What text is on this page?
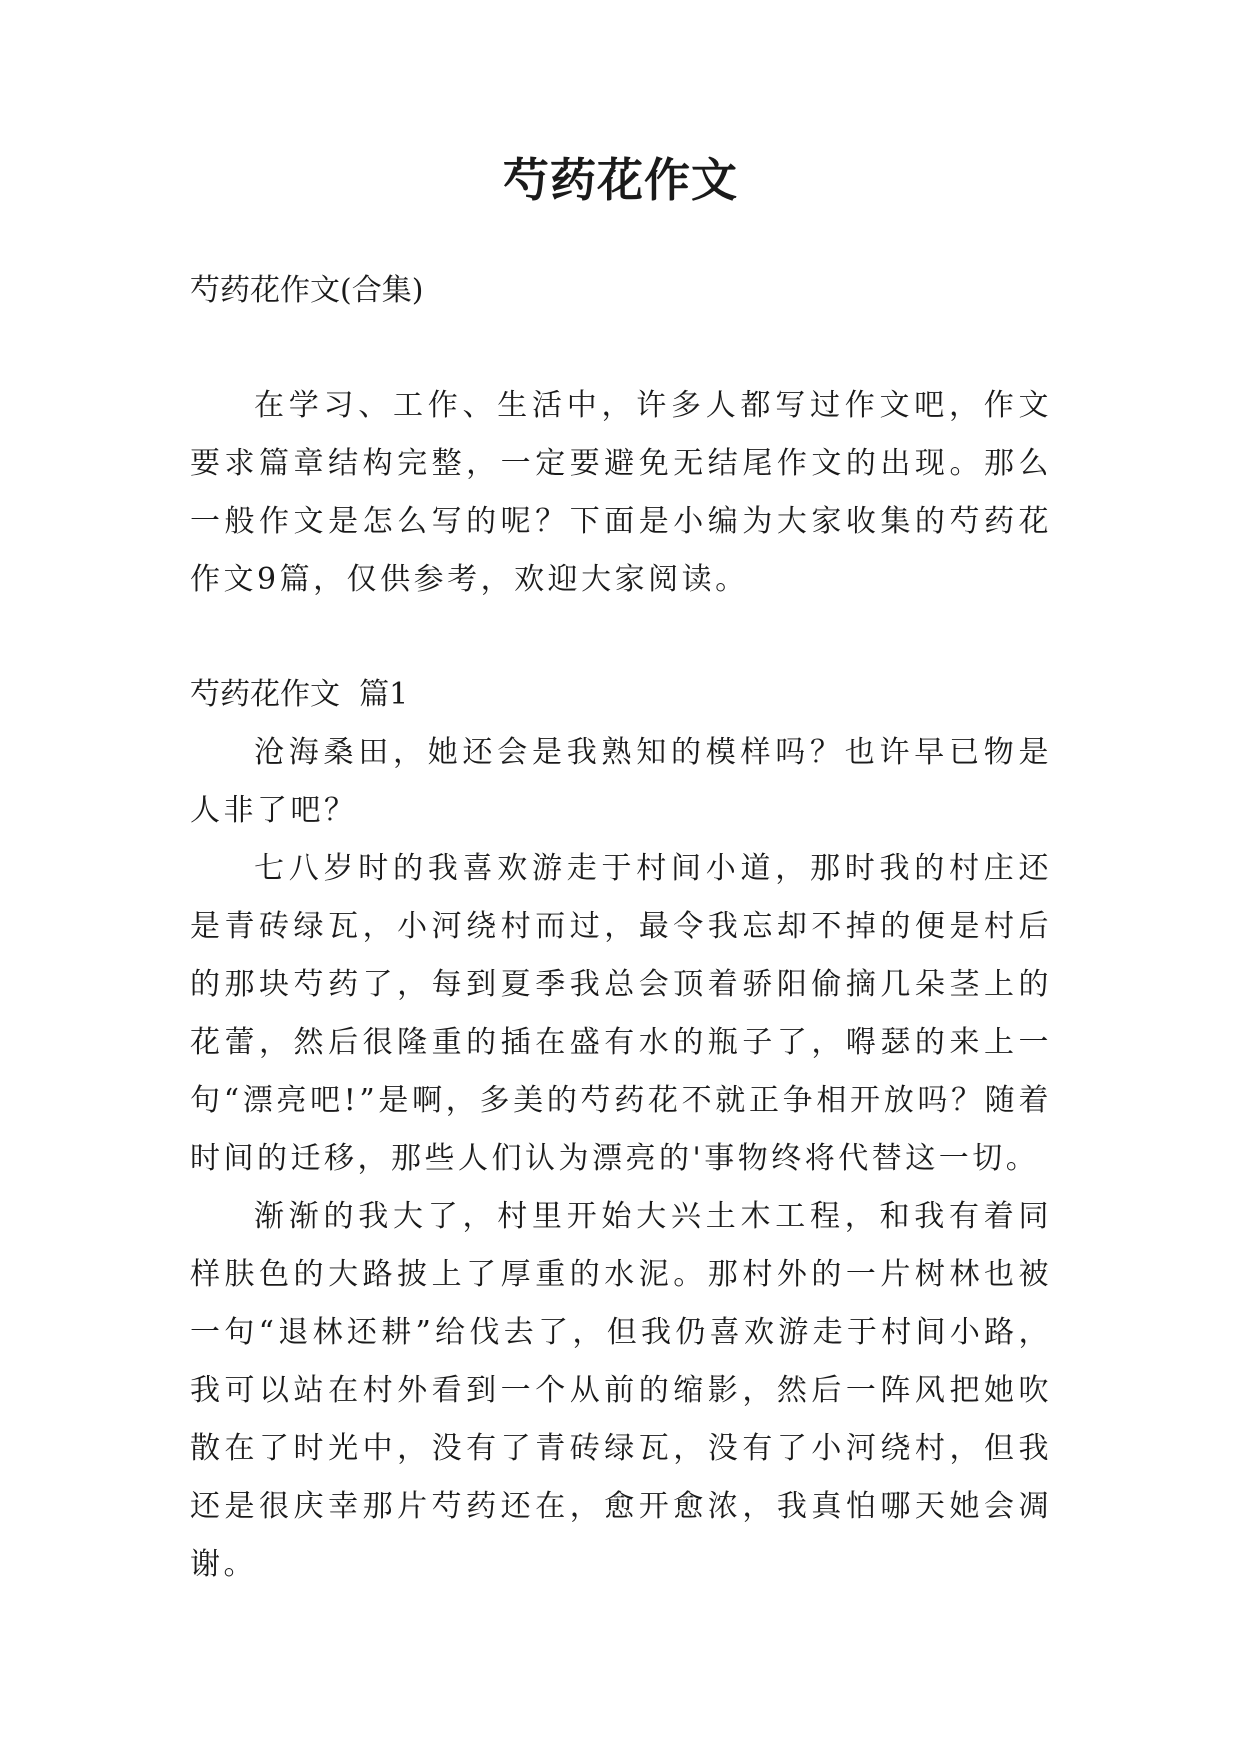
芍药花作文

芍药花作文(合集)

在学习、工作、生活中，许多人都写过作文吧，作文要求篇章结构完整，一定要避免无结尾作文的出现。那么一般作文是怎么写的呢？下面是小编为大家收集的芍药花作文9篇，仅供参考，欢迎大家阅读。

芍药花作文  篇1

沧海桑田，她还会是我熟知的模样吗？也许早已物是人非了吧？

七八岁时的我喜欢游走于村间小道，那时我的村庄还是青砖绿瓦，小河绕村而过，最令我忘却不掉的便是村后的那块芍药了，每到夏季我总会顶着骄阳偷摘几朵茎上的花蕾，然后很隆重的插在盛有水的瓶子了，嘚瑟的来上一句“漂亮吧!”是啊，多美的芍药花不就正争相开放吗？随着时间的迁移，那些人们认为漂亮的'事物终将代替这一切。

渐渐的我大了，村里开始大兴土木工程，和我有着同样肤色的大路披上了厚重的水泥。那村外的一片树林也被一句“退林还耕”给伐去了，但我仍喜欢游走于村间小路，我可以站在村外看到一个从前的缩影，然后一阵风把她吹散在了时光中，没有了青砖绿瓦，没有了小河绕村，但我还是很庆幸那片芍药还在，愈开愈浓，我真怕哪天她会凋谢。
